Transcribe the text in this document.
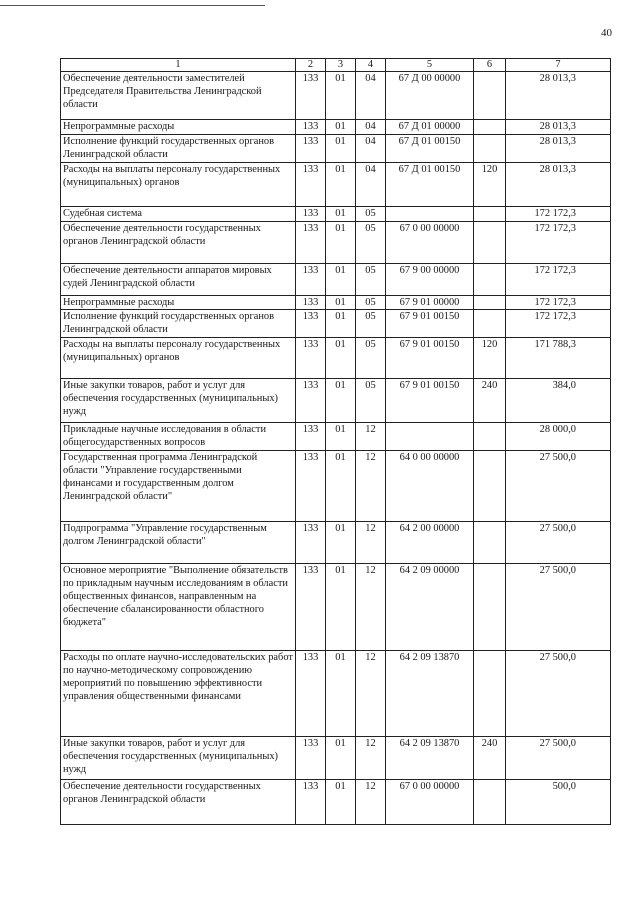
40
1	2	3	4	5	6	7
Обеспечение деятельности заместителей Председателя Правительства Ленинградской области	133	01	04	67 Д 00 00000		28 013,3
Непрограммные расходы	133	01	04	67 Д 01 00000		28 013,3
Исполнение функций государственных органов Ленинградской области	133	01	04	67 Д 01 00150		28 013,3
Расходы на выплаты персоналу государственных (муниципальных) органов	133	01	04	67 Д 01 00150	120	28 013,3
Судебная система	133	01	05			172 172,3
Обеспечение деятельности государственных органов Ленинградской области	133	01	05	67 0 00 00000		172 172,3
Обеспечение деятельности аппаратов мировых судей Ленинградской области	133	01	05	67 9 00 00000		172 172,3
Непрограммные расходы	133	01	05	67 9 01 00000		172 172,3
Исполнение функций государственных органов Ленинградской области	133	01	05	67 9 01 00150		172 172,3
Расходы на выплаты персоналу государственных (муниципальных) органов	133	01	05	67 9 01 00150	120	171 788,3
Иные закупки товаров, работ и услуг для обеспечения государственных (муниципальных) нужд	133	01	05	67 9 01 00150	240	384,0
Прикладные научные исследования в области общегосударственных вопросов	133	01	12			28 000,0
Государственная программа Ленинградской области "Управление государственными финансами и государственным долгом Ленинградской области"	133	01	12	64 0 00 00000		27 500,0
Подпрограмма "Управление государственным долгом Ленинградской области"	133	01	12	64 2 00 00000		27 500,0
Основное мероприятие "Выполнение обязательств по прикладным научным исследованиям в области общественных финансов, направленным на обеспечение сбалансированности областного бюджета"	133	01	12	64 2 09 00000		27 500,0
Расходы по оплате научно-исследовательских работ по научно-методическому сопровождению мероприятий по повышению эффективности управления общественными финансами	133	01	12	64 2 09 13870		27 500,0
Иные закупки товаров, работ и услуг для обеспечения государственных (муниципальных) нужд	133	01	12	64 2 09 13870	240	27 500,0
Обеспечение деятельности государственных органов Ленинградской области	133	01	12	67 0 00 00000		500,0
